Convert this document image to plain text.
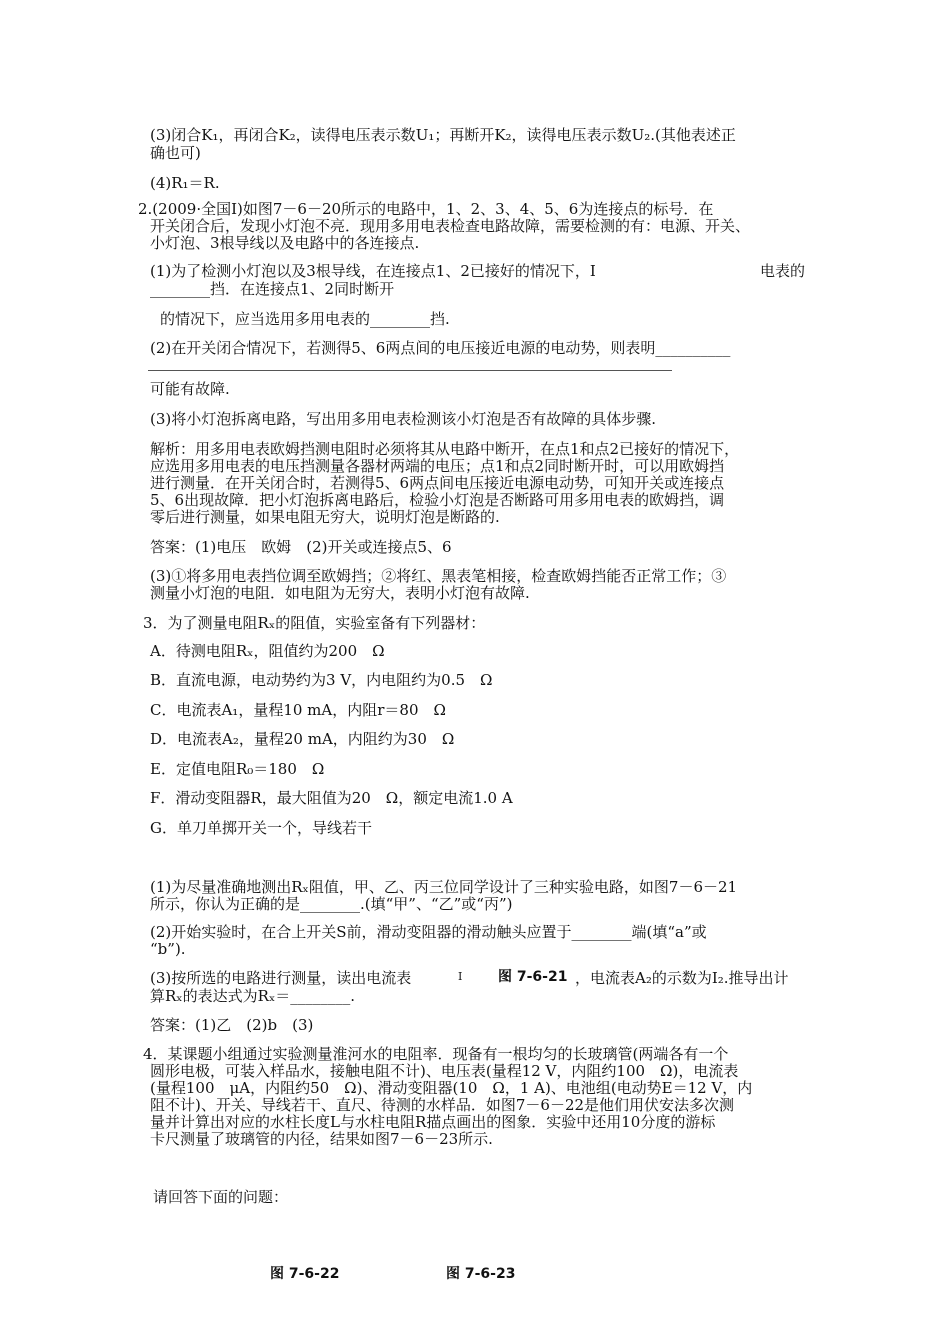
(3)闭合K₁，再闭合K₂，读得电压表示数U₁；再断开K₂，读得电压表示数U₂.(其他表述正
确也可)
(4)R₁＝R.
2.(2009·全国Ⅰ)如图7－6－20所示的电路中，1、2、3、4、5、6为连接点的标号．在
开关闭合后，发现小灯泡不亮．现用多用电表检查电路故障，需要检测的有：电源、开关、
小灯泡、3根导线以及电路中的各连接点.
(1)为了检测小灯泡以及3根导线，在连接点1、2已接好的情况下，I	电表的
________挡．在连接点1、2同时断开
的情况下，应当选用多用电表的________挡.
(2)在开关闭合情况下，若测得5、6两点间的电压接近电源的电动势，则表明__________
可能有故障.
(3)将小灯泡拆离电路，写出用多用电表检测该小灯泡是否有故障的具体步骤.
解析：用多用电表欧姆挡测电阻时必须将其从电路中断开，在点1和点2已接好的情况下，
应选用多用电表的电压挡测量各器材两端的电压；点1和点2同时断开时，可以用欧姆挡
进行测量．在开关闭合时，若测得5、6两点间电压接近电源电动势，可知开关或连接点
5、6出现故障．把小灯泡拆离电路后，检验小灯泡是否断路可用多用电表的欧姆挡，调
零后进行测量，如果电阻无穷大，说明灯泡是断路的.
答案：(1)电压　欧姆　(2)开关或连接点5、6
(3)①将多用电表挡位调至欧姆挡；②将红、黑表笔相接，检查欧姆挡能否正常工作；③
测量小灯泡的电阻．如电阻为无穷大，表明小灯泡有故障.
3．为了测量电阻Rₓ的阻值，实验室备有下列器材：
A．待测电阻Rₓ，阻值约为200　Ω
B．直流电源，电动势约为3 V，内电阻约为0.5　Ω
C．电流表A₁，量程10 mA，内阻r＝80　Ω
D．电流表A₂，量程20 mA，内阻约为30　Ω
E．定值电阻R₀＝180　Ω
F．滑动变阻器R，最大阻值为20　Ω，额定电流1.0 A
G．单刀单掷开关一个，导线若干
(1)为尽量准确地测出Rₓ阻值，甲、乙、丙三位同学设计了三种实验电路，如图7－6－21
所示，你认为正确的是________.(填“甲”、“乙”或“丙”)
(2)开始实验时，在合上开关S前，滑动变阻器的滑动触头应置于________端(填“a”或
“b”).
(3)按所选的电路进行测量，读出电流表	I	图 7-6-21 ，电流表A₂的示数为I₂.推导出计
算Rₓ的表达式为Rₓ＝________.
答案：(1)乙　(2)b　(3)
4．某课题小组通过实验测量淮河水的电阻率．现备有一根均匀的长玻璃管(两端各有一个
圆形电极，可装入样品水，接触电阻不计)、电压表(量程12 V，内阻约100　Ω)，电流表
(量程100　μA，内阻约50　Ω)、滑动变阻器(10　Ω，1 A)、电池组(电动势E＝12 V，内
阻不计)、开关、导线若干、直尺、待测的水样品．如图7－6－22是他们用伏安法多次测
量并计算出对应的水柱长度L与水柱电阻R描点画出的图象．实验中还用10分度的游标
卡尺测量了玻璃管的内径，结果如图7－6－23所示.
请回答下面的问题：
图 7-6-22	图 7-6-23
